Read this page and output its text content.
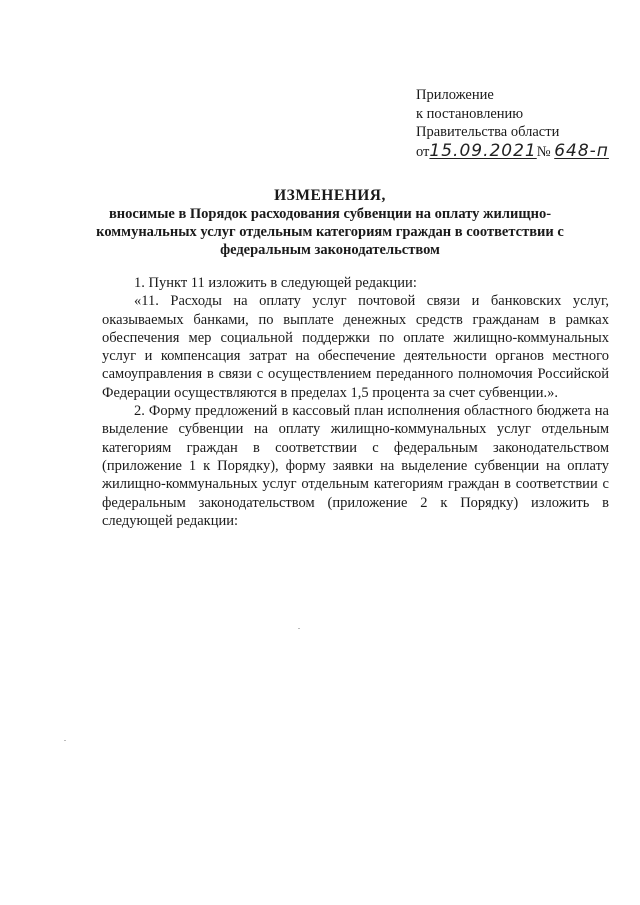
Приложение
к постановлению
Правительства области
от15.09.2021№ 648-п
ИЗМЕНЕНИЯ,
вносимые в Порядок расходования субвенции на оплату жилищно-коммунальных услуг отдельным категориям граждан в соответствии с федеральным законодательством

1. Пункт 11 изложить в следующей редакции:

«11. Расходы на оплату услуг почтовой связи и банковских услуг, оказываемых банками, по выплате денежных средств гражданам в рамках обеспечения мер социальной поддержки по оплате жилищно-коммунальных услуг и компенсация затрат на обеспечение деятельности органов местного самоуправления в связи с осуществлением переданного полномочия Российской Федерации осуществляются в пределах 1,5 процента за счет субвенции.».

2. Форму предложений в кассовый план исполнения областного бюджета на выделение субвенции на оплату жилищно-коммунальных услуг отдельным категориям граждан в соответствии с федеральным законодательством (приложение 1 к Порядку), форму заявки на выделение субвенции на оплату жилищно-коммунальных услуг отдельным категориям граждан в соответствии с федеральным законодательством (приложение 2 к Порядку) изложить в следующей редакции:
